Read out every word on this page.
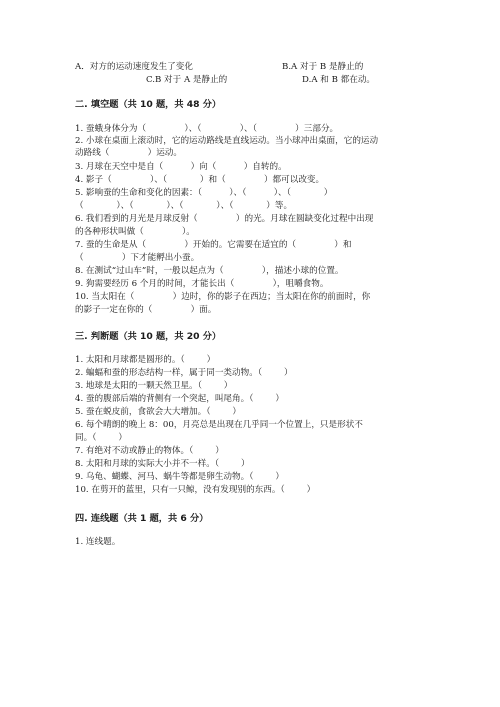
A．对方的运动速度发生了变化	B.A 对于 B 是静止的
C.B 对于 A 是静止的	D.A 和 B 都在动。
二. 填空题（共 10 题，共 48 分）
1. 蚕蛾身体分为（              ）、（              ）、（              ）三部分。
2. 小球在桌面上滚动时，它的运动路线是直线运动。当小球冲出桌面，它的运动
动路线（              ）运动。
3. 月球在天空中是自（          ）向（          ）自转的。
4. 影子（              ）、（            ）和（              ）都可以改变。
5. 影响蚕的生命和变化的因素：（          ）、（          ）、（            ）
（            ）、（            ）、（            ）、（            ）等。
6. 我们看到的月光是月球反射（              ）的光。月球在圆缺变化过程中出现
的各种形状叫做（              ）。
7. 蚕的生命是从（              ）开始的。它需要在适宜的（              ）和
（              ）下才能孵出小蚕。
8. 在测试“过山车”时，一般以起点为（              ），描述小球的位置。
9. 狗需要经历 6 个月的时间，才能长出（              ），咀嚼食物。
10. 当太阳在（              ）边时，你的影子在西边；当太阳在你的前面时，你
的影子一定在你的（              ）面。
三. 判断题（共 10 题，共 20 分）
1. 太阳和月球都是圆形的。（        ）
2. 蝙蝠和蚕的形态结构一样，属于同一类动物。（        ）
3. 地球是太阳的一颗天然卫星。（        ）
4. 蚕的腹部后端的背侧有一个突起，叫尾角。（        ）
5. 蚕在蜕皮前，食欲会大大增加。（        ）
6. 每个晴朗的晚上 8：00，月亮总是出现在几乎同一个位置上，只是形状不
同。（        ）
7. 有绝对不动或静止的物体。（        ）
8. 太阳和月球的实际大小并不一样。（        ）
9. 乌龟、蝴蝶、河马、蜗牛等都是卵生动物。（        ）
10. 在剪开的蓝里，只有一只鲸，没有发现别的东西。（        ）
四. 连线题（共 1 题，共 6 分）
1. 连线题。
